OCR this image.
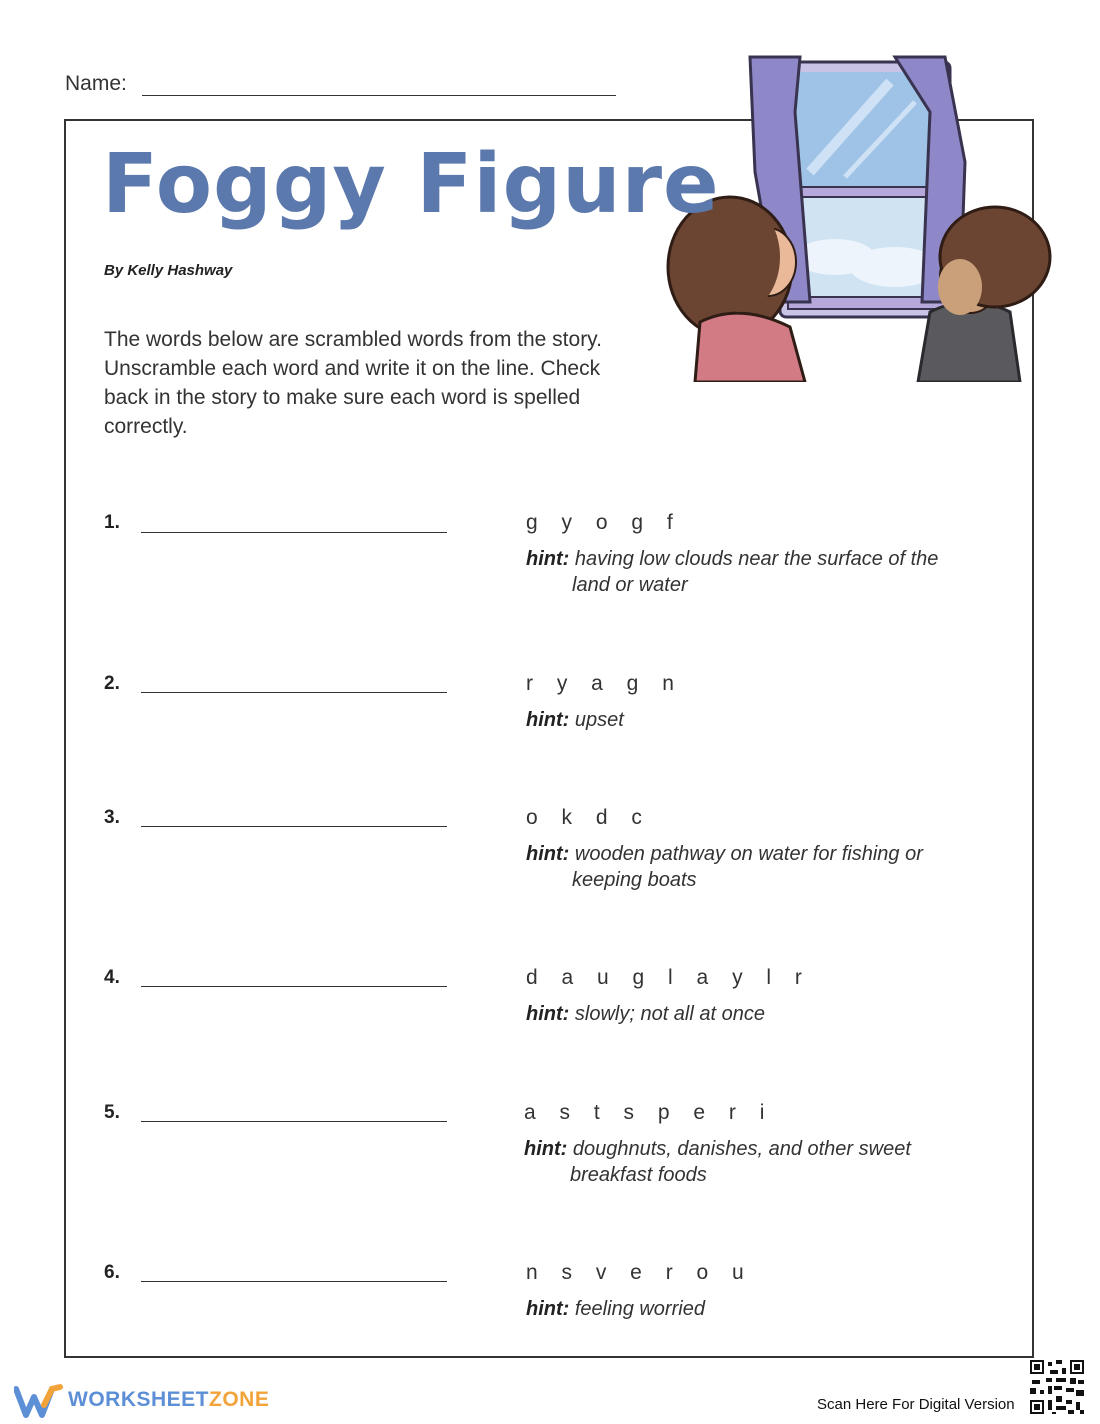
Name:
Foggy Figure
By Kelly Hashway
The words below are scrambled words from the story. Unscramble each word and write it on the line. Check back in the story to make sure each word is spelled correctly.
1.	g y o g f
hint: having low clouds near the surface of the
land or water
2.	r y a g n
hint: upset
3.	o k d c
hint: wooden pathway on water for fishing or
keeping boats
4.	d a u g l a y l r
hint: slowly; not all at once
5.	a s t s p e r i
hint: doughnuts, danishes, and other sweet
breakfast foods
6.	n s v e r o u
hint: feeling worried
WORKSHEETZONE	Scan Here For Digital Version
